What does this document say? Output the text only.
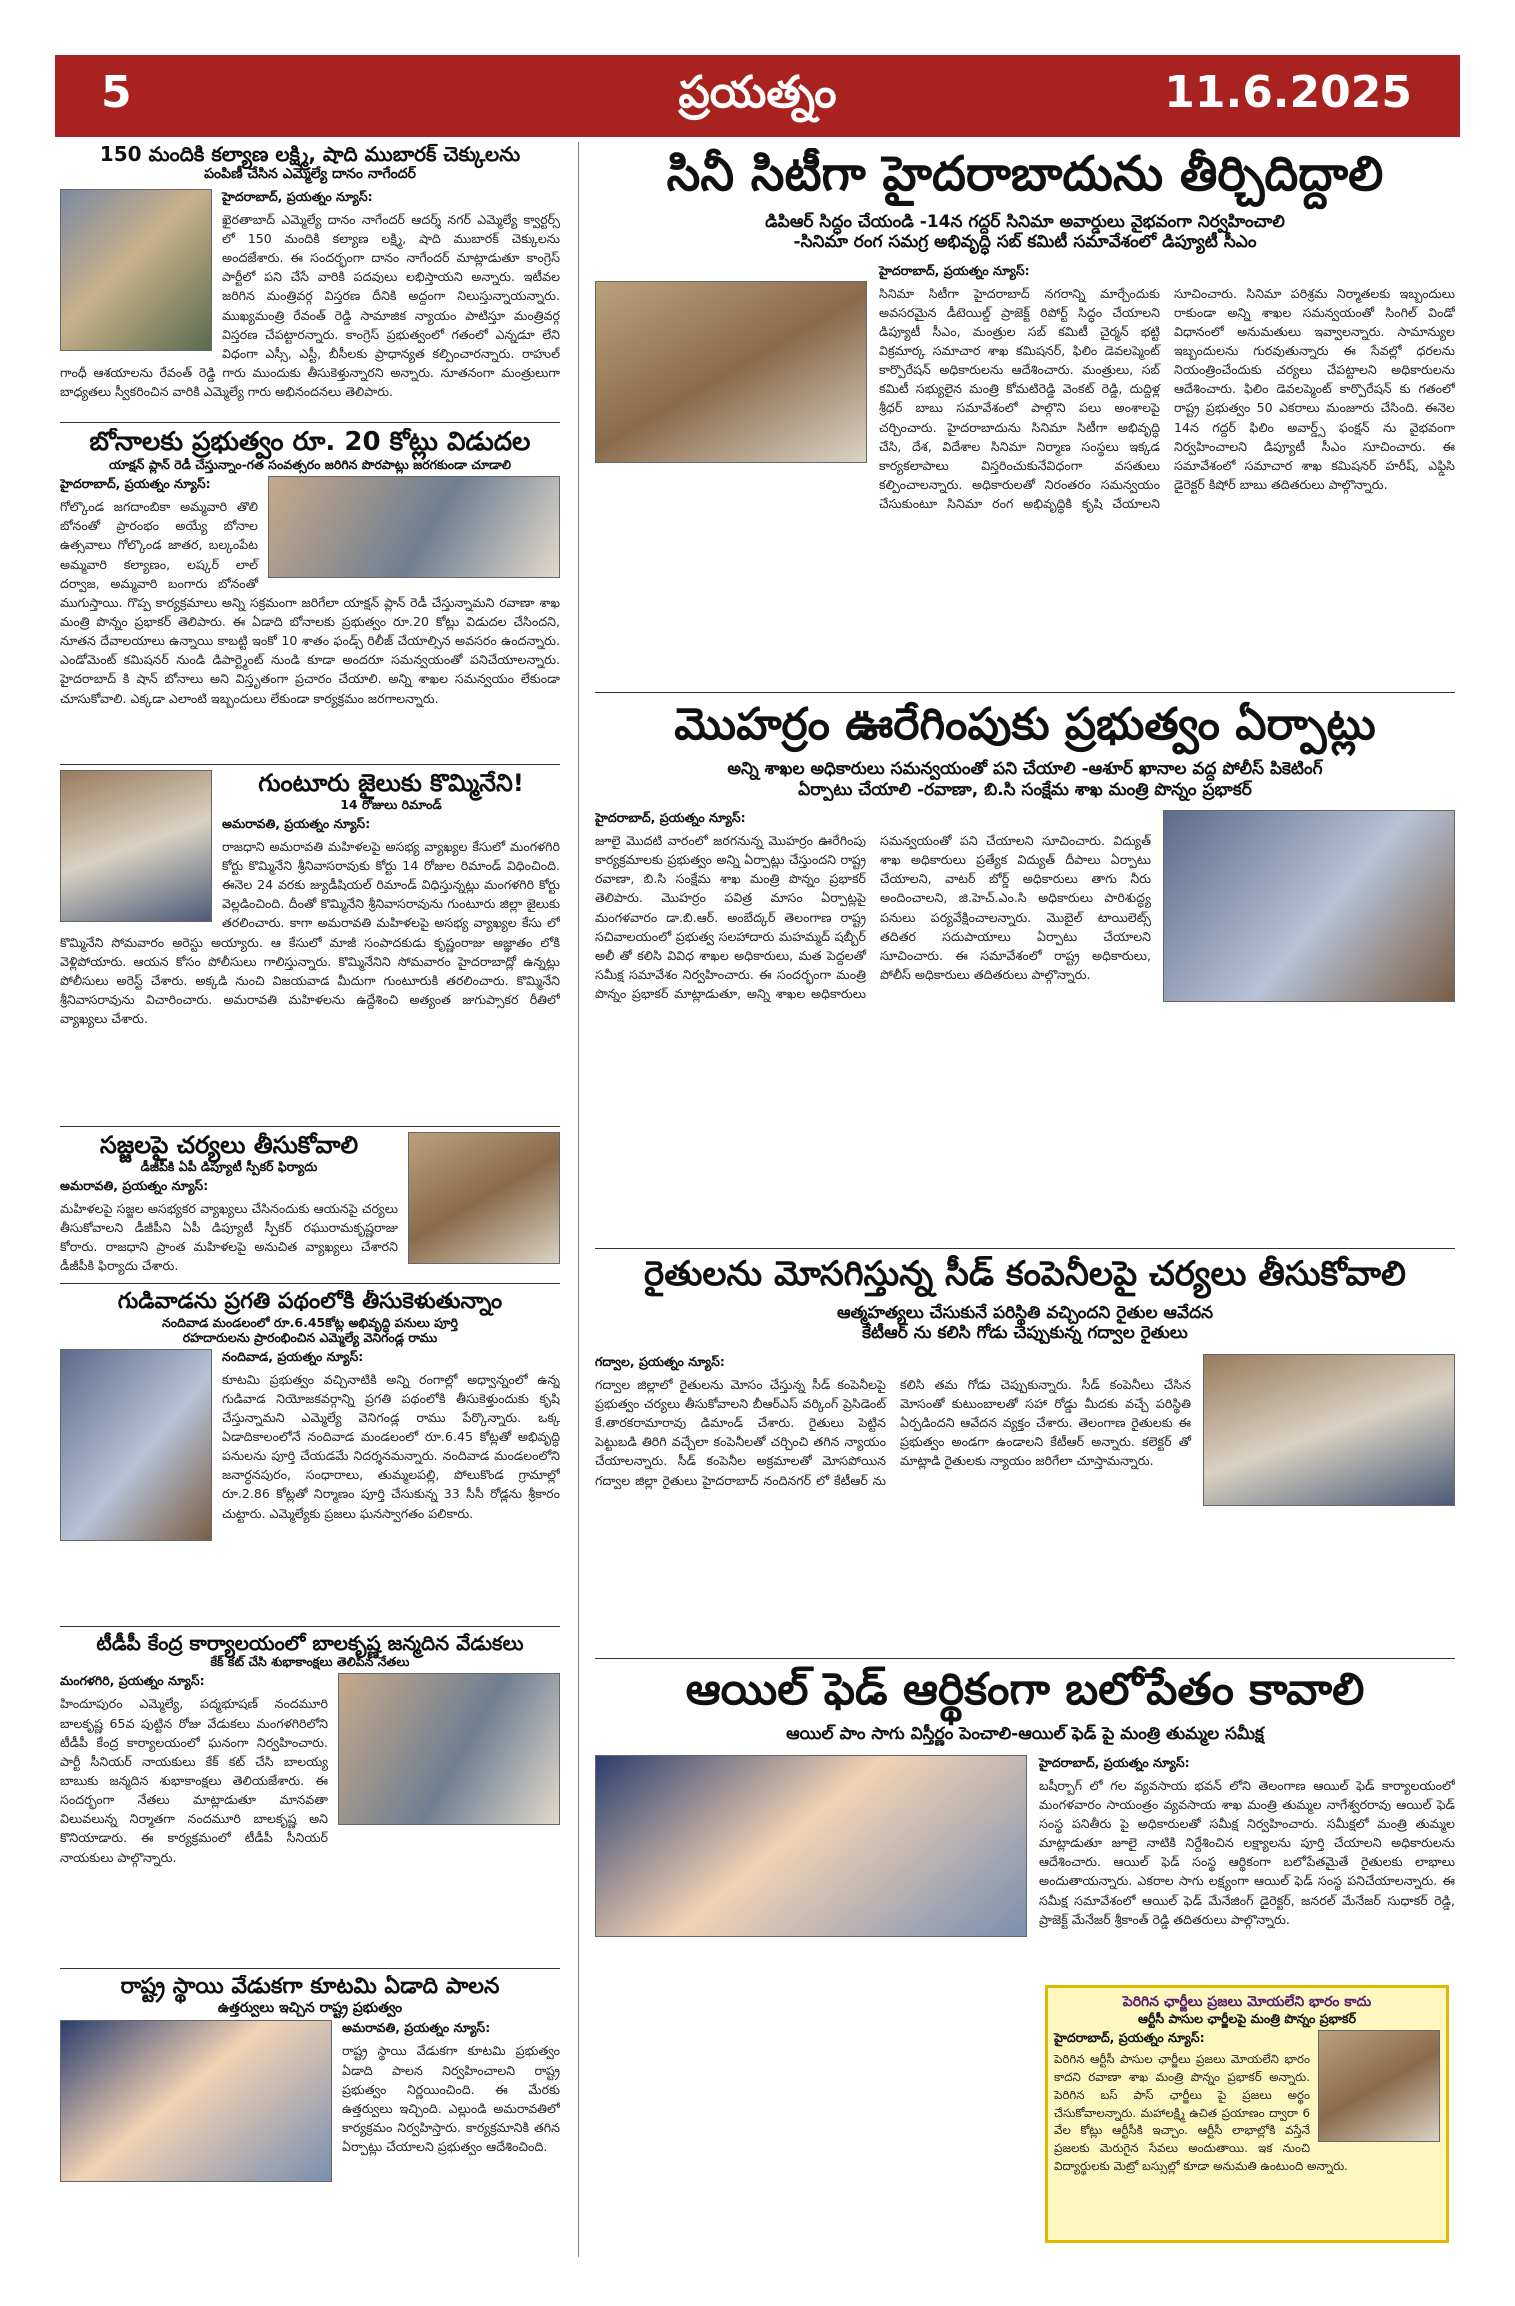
5	ప్రయత్నం	11.6.2025
150 మందికి కల్యాణ లక్ష్మి, షాది ముబారక్ చెక్కులను
పంపిణీ చేసిన ఎమ్మెల్యే దానం నాగేందర్
హైదరాబాద్, ప్రయత్నం న్యూస్:
ఖైరతాబాద్ ఎమ్మెల్యే దానం నాగేందర్ ఆదర్శ్ నగర్ ఎమ్మెల్యే క్వార్టర్స్ లో 150 మందికి కల్యాణ లక్ష్మి, షాది ముబారక్ చెక్కులను అందజేశారు. ఈ సందర్భంగా దానం నాగేందర్ మాట్లాడుతూ కాంగ్రెస్ పార్టీలో పని చేసే వారికి పదవులు లభిస్తాయని అన్నారు. ఇటీవల జరిగిన మంత్రివర్గ విస్తరణ దీనికి అద్దంగా నిలుస్తున్నాయన్నారు. ముఖ్యమంత్రి రేవంత్ రెడ్డి సామాజిక న్యాయం పాటిస్తూ మంత్రివర్గ విస్తరణ చేపట్టారన్నారు. కాంగ్రెస్ ప్రభుత్వంలో గతంలో ఎన్నడూ లేని విధంగా ఎస్సీ, ఎస్టీ, బీసీలకు ప్రాధాన్యత కల్పించారన్నారు. రాహుల్ గాంధీ ఆశయాలను రేవంత్ రెడ్డి గారు ముందుకు తీసుకెళ్తున్నారని అన్నారు. నూతనంగా మంత్రులుగా బాధ్యతలు స్వీకరించిన వారికి ఎమ్మెల్యే గారు అభినందనలు తెలిపారు.
బోనాలకు ప్రభుత్వం రూ. 20 కోట్లు విడుదల
యాక్షన్ ప్లాన్ రెడీ చేస్తున్నాం-గత సంవత్సరం జరిగిన పొరపాట్లు జరగకుండా చూడాలి
హైదరాబాద్, ప్రయత్నం న్యూస్:
గోల్కొండ జగదాంబికా అమ్మవారి తొలి బోనంతో ప్రారంభం అయ్యే బోనాల ఉత్సవాలు గోల్కొండ జాతర, బల్కంపేట అమ్మవారి కల్యాణం, లష్కర్ లాల్ దర్వాజ, అమ్మవారి బంగారు బోనంతో ముగుస్తాయి. గొప్ప కార్యక్రమాలు అన్ని సక్రమంగా జరిగేలా యాక్షన్ ప్లాన్ రెడీ చేస్తున్నామని రవాణా శాఖ మంత్రి పొన్నం ప్రభాకర్ తెలిపారు. ఈ ఏడాది బోనాలకు ప్రభుత్వం రూ.20 కోట్లు విడుదల చేసిందని, నూతన దేవాలయాలు ఉన్నాయి కాబట్టి ఇంకో 10 శాతం ఫండ్స్ రిలీజ్ చేయాల్సిన అవసరం ఉందన్నారు. ఎండోమెంట్ కమిషనర్ నుండి డిపార్ట్మెంట్ నుండి కూడా అందరూ సమన్వయంతో పనిచేయాలన్నారు. హైదరాబాద్ కి షాన్ బోనాలు అని విస్తృతంగా ప్రచారం చేయాలి. అన్ని శాఖల సమన్వయం లేకుండా చూసుకోవాలి. ఎక్కడా ఎలాంటి ఇబ్బందులు లేకుండా కార్యక్రమం జరగాలన్నారు.
గుంటూరు జైలుకు కొమ్మినేని!
14 రోజులు రిమాండ్
అమరావతి, ప్రయత్నం న్యూస్:
రాజధాని అమరావతి మహిళలపై అసభ్య వ్యాఖ్యల కేసులో మంగళగిరి కోర్టు కొమ్మినేని శ్రీనివాసరావుకు కోర్టు 14 రోజుల రిమాండ్ విధించింది. ఈనెల 24 వరకు జ్యుడీషియల్ రిమాండ్ విధిస్తున్నట్లు మంగళగిరి కోర్టు వెల్లడించింది. దీంతో కొమ్మినేని శ్రీనివాసరావును గుంటూరు జిల్లా జైలుకు తరలించారు. కాగా అమరావతి మహిళలపై అసభ్య వ్యాఖ్యల కేసు లో కొమ్మినేని సోమవారం అరెస్టు అయ్యారు. ఆ కేసులో మాజీ సంపాదకుడు కృష్ణంరాజు అజ్ఞాతం లోకి వెళ్లిపోయారు. ఆయన కోసం పోలీసులు గాలిస్తున్నారు. కొమ్మినేనిని సోమవారం హైదరాబాద్లో ఉన్నట్లు పోలీసులు అరెస్ట్ చేశారు. అక్కడి నుంచి విజయవాడ మీదుగా గుంటూరుకి తరలించారు. కొమ్మినేని శ్రీనివాసరావును విచారించారు. అమరావతి మహిళలను ఉద్దేశించి అత్యంత జుగుప్సాకర రీతిలో వ్యాఖ్యలు చేశారు.
సజ్జలపై చర్యలు తీసుకోవాలి
డీజీపీకి ఏపీ డిప్యూటీ స్పీకర్ ఫిర్యాదు
అమరావతి, ప్రయత్నం న్యూస్:
మహిళలపై సజ్జల అసభ్యకర వ్యాఖ్యలు చేసినందుకు ఆయనపై చర్యలు తీసుకోవాలని డీజీపీని ఏపీ డిప్యూటీ స్పీకర్ రఘురామకృష్ణరాజు కోరారు. రాజధాని ప్రాంత మహిళలపై అనుచిత వ్యాఖ్యలు చేశారని డీజీపీకి ఫిర్యాదు చేశారు.
గుడివాడను ప్రగతి పథంలోకి తీసుకెళుతున్నాం
నందివాడ మండలంలో రూ.6.45కోట్ల అభివృద్ధి పనులు పూర్తి
రహదారులను ప్రారంభించిన ఎమ్మెల్యే వెనిగండ్ల రాము
నందివాడ, ప్రయత్నం న్యూస్:
కూటమి ప్రభుత్వం వచ్చినాటికి అన్ని రంగాల్లో అధ్వాన్నంలో ఉన్న గుడివాడ నియోజకవర్గాన్ని ప్రగతి పథంలోకి తీసుకెళ్తుందుకు కృషి చేస్తున్నామని ఎమ్మెల్యే వెనిగండ్ల రాము పేర్కొన్నారు. ఒక్క ఏడాదికాలంలోనే నందివాడ మండలంలో రూ.6.45 కోట్లతో అభివృద్ధి పనులను పూర్తి చేయడమే నిదర్శనమన్నారు. నందివాడ మండలంలోని జనార్ధనపురం, సంధారాలు, తుమ్మలపల్లి, పోలుకొండ గ్రామాల్లో రూ.2.86 కోట్లతో నిర్మాణం పూర్తి చేసుకున్న 33 సీసీ రోడ్లను శ్రీకారం చుట్టారు. ఎమ్మెల్యేకు ప్రజలు ఘనస్వాగతం పలికారు.
టీడీపీ కేంద్ర కార్యాలయంలో బాలకృష్ణ జన్మదిన వేడుకలు
కేక్ కట్ చేసి శుభాకాంక్షలు తెలిపిన నేతలు
మంగళగిరి, ప్రయత్నం న్యూస్:
హిందూపురం ఎమ్మెల్యే, పద్మభూషణ్ నందమూరి బాలకృష్ణ 65వ పుట్టిన రోజు వేడుకలు మంగళగిరిలోని టీడీపీ కేంద్ర కార్యాలయంలో ఘనంగా నిర్వహించారు. పార్టీ సీనియర్ నాయకులు కేక్ కట్ చేసి బాలయ్య బాబుకు జన్మదిన శుభాకాంక్షలు తెలియజేశారు. ఈ సందర్భంగా నేతలు మాట్లాడుతూ మానవతా విలువలున్న నిర్మాతగా నందమూరి బాలకృష్ణ అని కొనియాడారు. ఈ కార్యక్రమంలో టీడీపీ సీనియర్ నాయకులు పాల్గొన్నారు.
రాష్ట్ర స్థాయి వేడుకగా కూటమి ఏడాది పాలన
ఉత్తర్వులు ఇచ్చిన రాష్ట్ర ప్రభుత్వం
అమరావతి, ప్రయత్నం న్యూస్:
రాష్ట్ర స్థాయి వేడుకగా కూటమి ప్రభుత్వం ఏడాది పాలన నిర్వహించాలని రాష్ట్ర ప్రభుత్వం నిర్ణయించింది. ఈ మేరకు ఉత్తర్వులు ఇచ్చింది. ఎల్లుండి అమరావతిలో కార్యక్రమం నిర్వహిస్తారు. కార్యక్రమానికి తగిన ఏర్పాట్లు చేయాలని ప్రభుత్వం ఆదేశించింది.
సినీ సిటీగా హైదరాబాదును తీర్చిదిద్దాలి
డిపిఆర్ సిద్ధం చేయండి -14న గద్దర్ సినిమా అవార్డులు వైభవంగా నిర్వహించాలి
-సినిమా రంగ సమగ్ర అభివృద్ధి సబ్ కమిటీ సమావేశంలో డిప్యూటీ సీఎం
హైదరాబాద్, ప్రయత్నం న్యూస్:
సినిమా సిటీగా హైదరాబాద్ నగరాన్ని మార్చేందుకు అవసరమైన డీటెయిల్డ్ ప్రాజెక్ట్ రిపోర్ట్ సిద్ధం చేయాలని డిప్యూటీ సీఎం, మంత్రుల సబ్ కమిటీ చైర్మన్ భట్టి విక్రమార్క సమాచార శాఖ కమిషనర్, ఫిలిం డెవలప్మెంట్ కార్పొరేషన్ అధికారులను ఆదేశించారు. మంత్రులు, సబ్ కమిటీ సభ్యులైన మంత్రి కోమటిరెడ్డి వెంకట్ రెడ్డి, దుద్దిళ్ల శ్రీధర్ బాబు సమావేశంలో పాల్గొని పలు అంశాలపై చర్చించారు. హైదరాబాదును సినిమా సిటీగా అభివృద్ధి చేసి, దేశ, విదేశాల సినిమా నిర్మాణ సంస్థలు ఇక్కడ కార్యకలాపాలు విస్తరించుకునేవిధంగా వసతులు కల్పించాలన్నారు. అధికారులతో నిరంతరం సమన్వయం చేసుకుంటూ సినిమా రంగ అభివృద్ధికి కృషి చేయాలని సూచించారు. సినిమా పరిశ్రమ నిర్మాతలకు ఇబ్బందులు రాకుండా అన్ని శాఖల సమన్వయంతో సింగిల్ విండో విధానంలో అనుమతులు ఇవ్వాలన్నారు. సామాన్యుల ఇబ్బందులను గురవుతున్నారు ఈ సేవల్లో ధరలను నియంత్రించేందుకు చర్యలు చేపట్టాలని అధికారులను ఆదేశించారు. ఫిలిం డెవలప్మెంట్ కార్పొరేషన్ కు గతంలో రాష్ట్ర ప్రభుత్వం 50 ఎకరాలు మంజూరు చేసింది. ఈనెల 14న గద్దర్ ఫిలిం అవార్డ్స్ ఫంక్షన్ ను వైభవంగా నిర్వహించాలని డిప్యూటీ సీఎం సూచించారు. ఈ సమావేశంలో సమాచార శాఖ కమిషనర్ హరీష్, ఎఫ్డిసి డైరెక్టర్ కిషోర్ బాబు తదితరులు పాల్గొన్నారు.
మొహర్రం ఊరేగింపుకు ప్రభుత్వం ఏర్పాట్లు
అన్ని శాఖల అధికారులు సమన్వయంతో పని చేయాలి -ఆశూర్ ఖానాల వద్ద పోలీస్ పికెటింగ్
ఏర్పాటు చేయాలి -రవాణా, బి.సి సంక్షేమ శాఖ మంత్రి పొన్నం ప్రభాకర్
హైదరాబాద్, ప్రయత్నం న్యూస్:
జూలై మొదటి వారంలో జరగనున్న మొహర్రం ఊరేగింపు కార్యక్రమాలకు ప్రభుత్వం అన్ని ఏర్పాట్లు చేస్తుందని రాష్ట్ర రవాణా, బి.సి సంక్షేమ శాఖ మంత్రి పొన్నం ప్రభాకర్ తెలిపారు. మొహర్రం పవిత్ర మాసం ఏర్పాట్లపై మంగళవారం డా.బి.ఆర్. అంబేద్కర్ తెలంగాణ రాష్ట్ర సచివాలయంలో ప్రభుత్వ సలహాదారు మహమ్మద్ షబ్బీర్ అలీ తో కలిసి వివిధ శాఖల అధికారులు, మత పెద్దలతో సమీక్ష సమావేశం నిర్వహించారు. ఈ సందర్భంగా మంత్రి పొన్నం ప్రభాకర్ మాట్లాడుతూ, అన్ని శాఖల అధికారులు సమన్వయంతో పని చేయాలని సూచించారు. విద్యుత్ శాఖ అధికారులు ప్రత్యేక విద్యుత్ దీపాలు ఏర్పాటు చేయాలని, వాటర్ బోర్డ్ అధికారులు తాగు నీరు అందించాలని, జి.హెచ్.ఎం.సి అధికారులు పారిశుద్ధ్య పనులు పర్యవేక్షించాలన్నారు. మొబైల్ టాయిలెట్స్ తదితర సదుపాయాలు ఏర్పాటు చేయాలని సూచించారు. ఈ సమావేశంలో రాష్ట్ర అధికారులు, పోలీస్ అధికారులు తదితరులు పాల్గొన్నారు.
రైతులను మోసగిస్తున్న సీడ్ కంపెనీలపై చర్యలు తీసుకోవాలి
ఆత్మహత్యలు చేసుకునే పరిస్థితి వచ్చిందని రైతుల ఆవేదన
కేటీఆర్ ను కలిసి గోడు చెప్పుకున్న గద్వాల రైతులు
గద్వాల, ప్రయత్నం న్యూస్:
గద్వాల జిల్లాలో రైతులను మోసం చేస్తున్న సీడ్ కంపెనీలపై ప్రభుత్వం చర్యలు తీసుకోవాలని బీఆర్ఎస్ వర్కింగ్ ప్రెసిడెంట్ కే.తారకరామారావు డిమాండ్ చేశారు. రైతులు పెట్టిన పెట్టుబడి తిరిగి వచ్చేలా కంపెనీలతో చర్చించి తగిన న్యాయం చేయాలన్నారు. సీడ్ కంపెనీల అక్రమాలతో మోసపోయిన గద్వాల జిల్లా రైతులు హైదరాబాద్ నందినగర్ లో కేటీఆర్ ను కలిసి తమ గోడు చెప్పుకున్నారు. సీడ్ కంపెనీలు చేసిన మోసంతో కుటుంబాలతో సహా రోడ్డు మీదకు వచ్చే పరిస్థితి ఏర్పడిందని ఆవేదన వ్యక్తం చేశారు. తెలంగాణ రైతులకు ఈ ప్రభుత్వం అండగా ఉండాలని కేటీఆర్ అన్నారు. కలెక్టర్ తో మాట్లాడి రైతులకు న్యాయం జరిగేలా చూస్తామన్నారు.
ఆయిల్ ఫెడ్ ఆర్థికంగా బలోపేతం కావాలి
ఆయిల్ పాం సాగు విస్తీర్ణం పెంచాలి-ఆయిల్ ఫెడ్ పై మంత్రి తుమ్మల సమీక్ష
హైదరాబాద్, ప్రయత్నం న్యూస్:
బషీర్బాగ్ లో గల వ్యవసాయ భవన్ లోని తెలంగాణ ఆయిల్ ఫెడ్ కార్యాలయంలో మంగళవారం సాయంత్రం వ్యవసాయ శాఖ మంత్రి తుమ్మల నాగేశ్వరరావు ఆయిల్ ఫెడ్ సంస్థ పనితీరు పై అధికారులతో సమీక్ష నిర్వహించారు. సమీక్షలో మంత్రి తుమ్మల మాట్లాడుతూ జూలై నాటికి నిర్దేశించిన లక్ష్యాలను పూర్తి చేయాలని అధికారులను ఆదేశించారు. ఆయిల్ ఫెడ్ సంస్థ ఆర్థికంగా బలోపేతమైతే రైతులకు లాభాలు అందుతాయన్నారు. ఎకరాల సాగు లక్ష్యంగా ఆయిల్ ఫెడ్ సంస్థ పనిచేయాలన్నారు. ఈ సమీక్ష సమావేశంలో ఆయిల్ ఫెడ్ మేనేజింగ్ డైరెక్టర్, జనరల్ మేనేజర్ సుధాకర్ రెడ్డి, ప్రాజెక్ట్ మేనేజర్ శ్రీకాంత్ రెడ్డి తదితరులు పాల్గొన్నారు.
పెరిగిన ఛార్జీలు ప్రజలు మోయలేని భారం కాదు
ఆర్టీసీ పాసుల ఛార్జీలపై మంత్రి పొన్నం ప్రభాకర్
హైదరాబాద్, ప్రయత్నం న్యూస్:
పెరిగిన ఆర్టీసీ పాసుల ఛార్జీలు ప్రజలు మోయలేని భారం కాదని రవాణా శాఖ మంత్రి పొన్నం ప్రభాకర్ అన్నారు. పెరిగిన బస్ పాస్ ఛార్జీలు పై ప్రజలు అర్థం చేసుకోవాలన్నారు. మహాలక్ష్మి ఉచిత ప్రయాణం ద్వారా 6 వేల కోట్లు ఆర్టీసీకి ఇచ్చాం. ఆర్టీసీ లాభాల్లోకి వస్తేనే ప్రజలకు మెరుగైన సేవలు అందుతాయి. ఇక నుంచి విద్యార్థులకు మెట్రో బస్సుల్లో కూడా అనుమతి ఉంటుంది అన్నారు.
